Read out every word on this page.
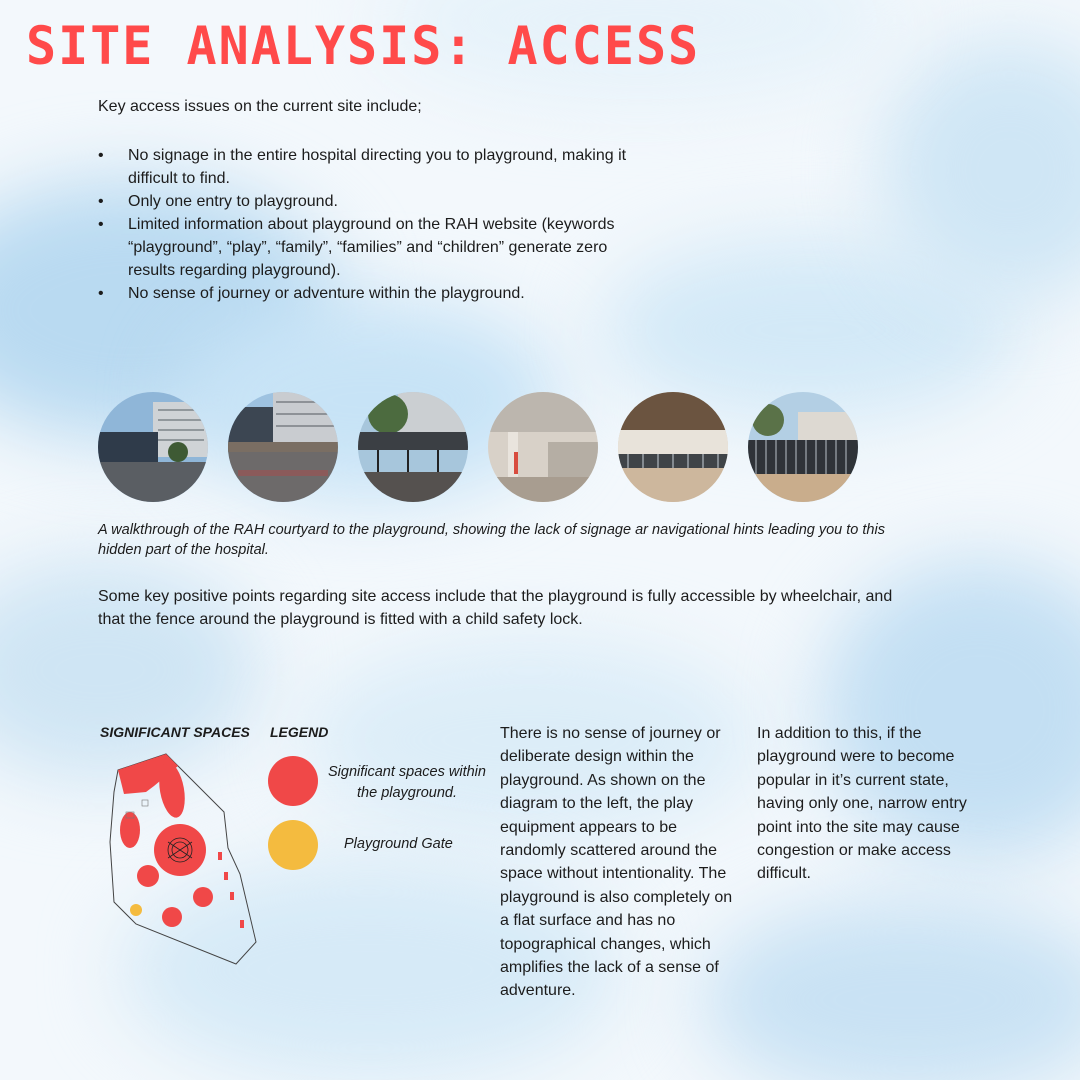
SITE ANALYSIS: ACCESS

Key access issues on the current site include;

• No signage in the entire hospital directing you to playground, making it difficult to find.
• Only one entry to playground.
• Limited information about playground on the RAH website (keywords “playground”, “play”, “family”, “families” and “children” generate zero results regarding playground).
• No sense of journey or adventure within the playground.

A walkthrough of the RAH courtyard to the playground, showing the lack of signage ar navigational hints leading you to this hidden part of the hospital.

Some key positive points regarding site access include that the playground is fully accessible by wheelchair, and that the fence around the playground is fitted with a child safety lock.

SIGNIFICANT SPACES LEGEND
Significant spaces within the playground.
Playground Gate

There is no sense of journey or deliberate design within the playground. As shown on the diagram to the left, the play equipment appears to be randomly scattered around the space without intentionality. The playground is also completely on a flat surface and has no topographical changes, which amplifies the lack of a sense of adventure.

In addition to this, if the playground were to become popular in it’s current state, having only one, narrow entry point into the site may cause congestion or make access difficult.
